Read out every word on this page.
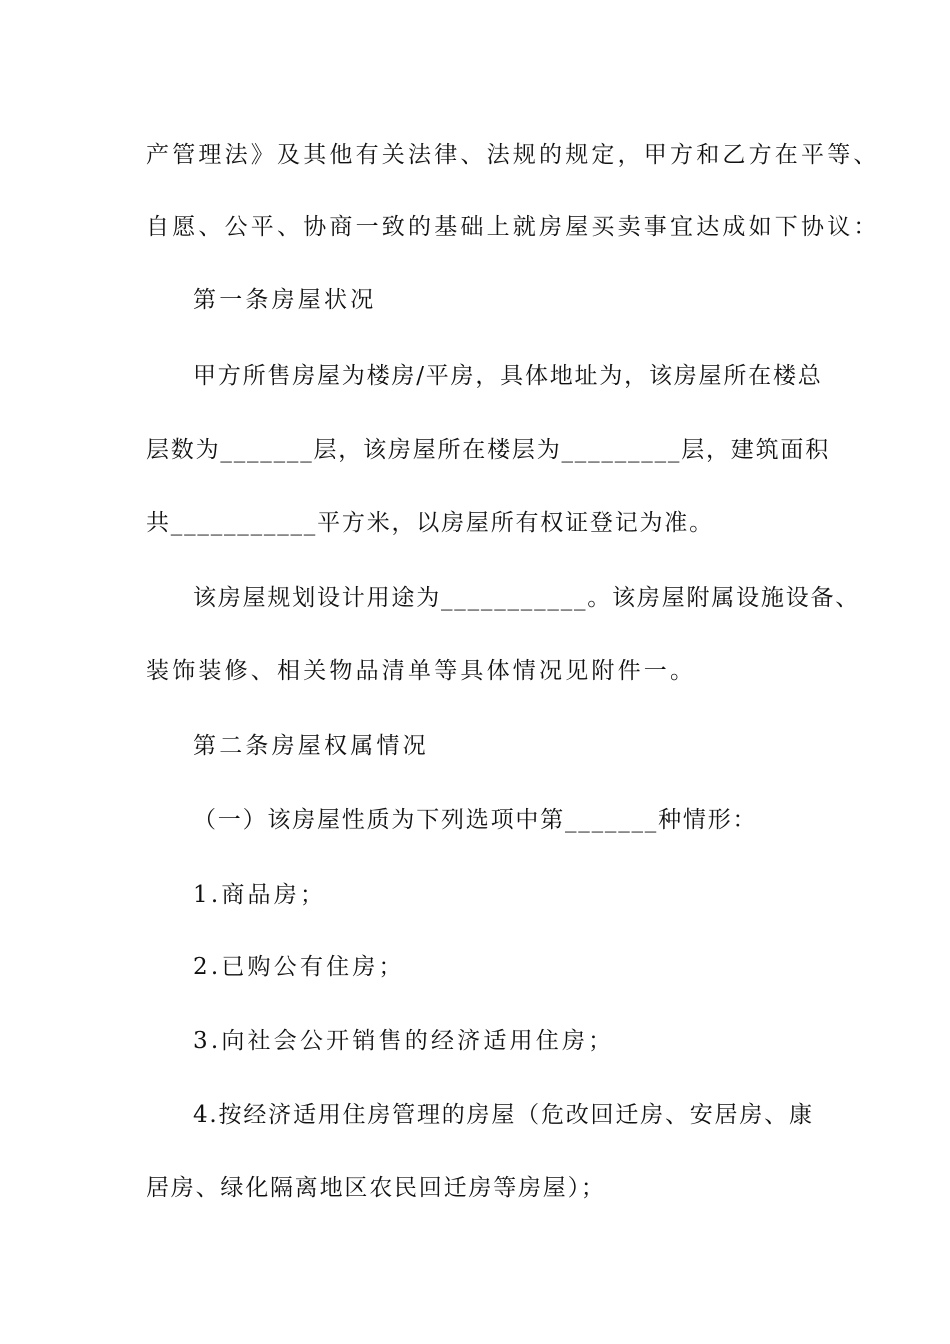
产管理法》及其他有关法律、法规的规定，甲方和乙方在平等、
自愿、公平、协商一致的基础上就房屋买卖事宜达成如下协议：
第一条房屋状况
甲方所售房屋为楼房/平房，具体地址为，该房屋所在楼总
层数为_______层，该房屋所在楼层为_________层，建筑面积
共___________平方米，以房屋所有权证登记为准。
该房屋规划设计用途为___________。该房屋附属设施设备、
装饰装修、相关物品清单等具体情况见附件一。
第二条房屋权属情况
（一）该房屋性质为下列选项中第_______种情形：
1.商品房；
2.已购公有住房；
3.向社会公开销售的经济适用住房；
4.按经济适用住房管理的房屋（危改回迁房、安居房、康
居房、绿化隔离地区农民回迁房等房屋）；
